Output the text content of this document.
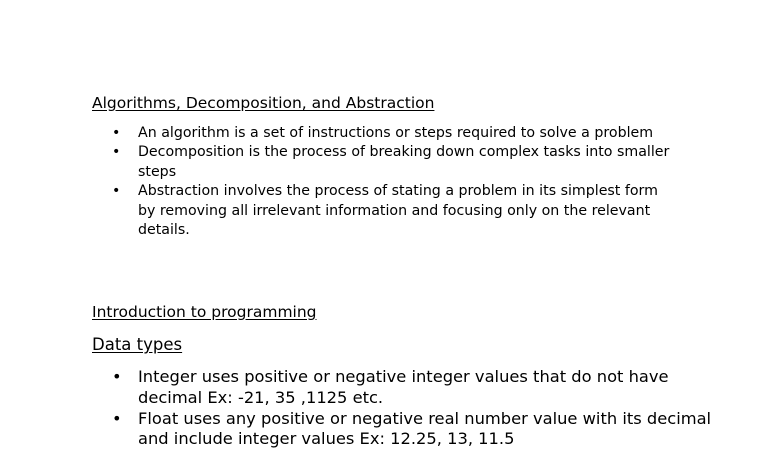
Algorithms, Decomposition, and Abstraction
• An algorithm is a set of instructions or steps required to solve a problem
• Decomposition is the process of breaking down complex tasks into smaller steps
• Abstraction involves the process of stating a problem in its simplest form by removing all irrelevant information and focusing only on the relevant details.
Introduction to programming
Data types
• Integer uses positive or negative integer values that do not have decimal Ex: -21, 35 ,1125 etc.
• Float uses any positive or negative real number value with its decimal and include integer values Ex: 12.25, 13, 11.5
